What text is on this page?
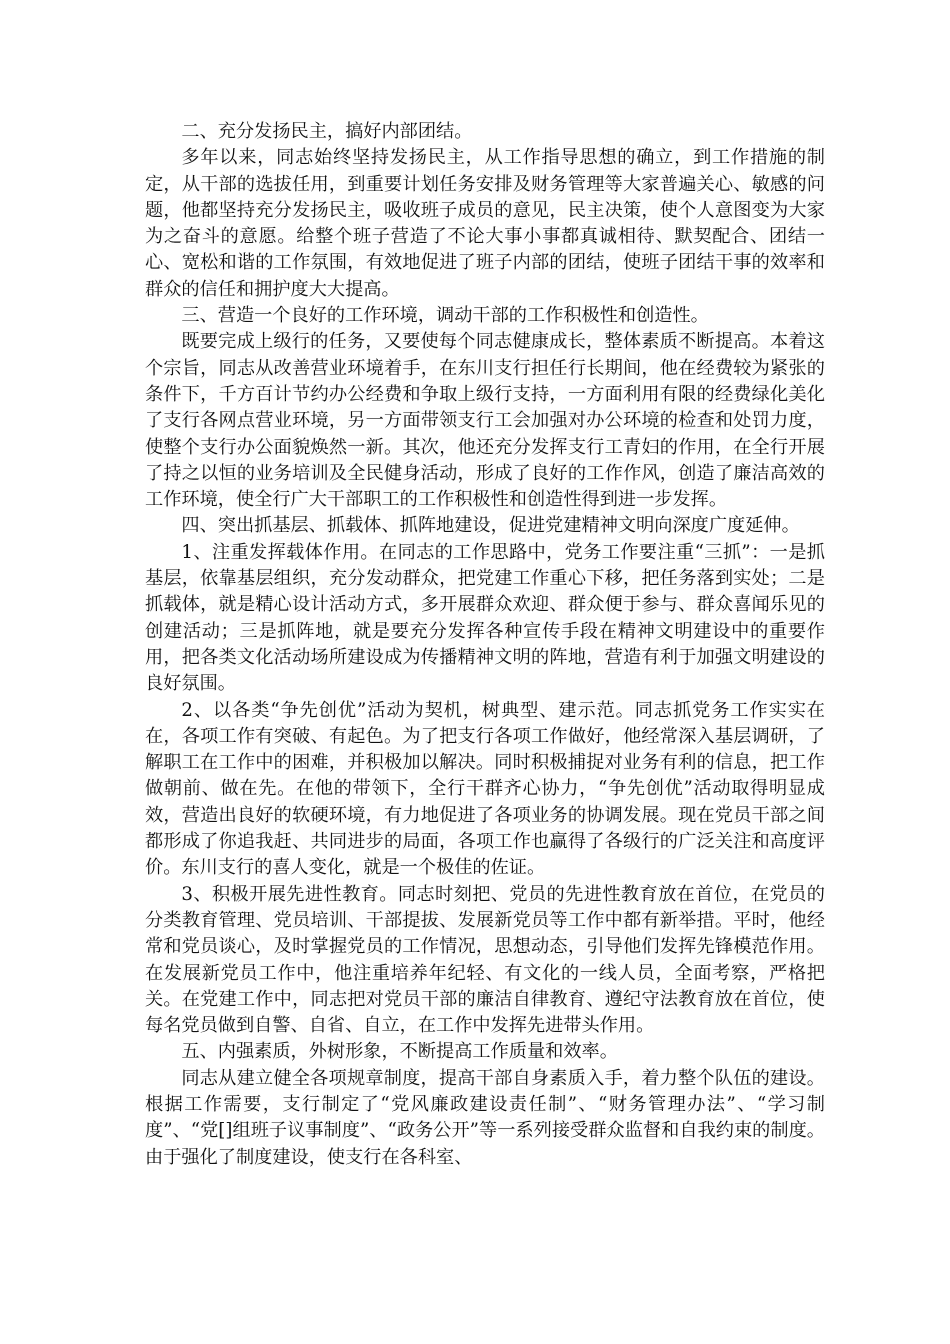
二、充分发扬民主，搞好内部团结。

多年以来，同志始终坚持发扬民主，从工作指导思想的确立，到工作措施的制定，从干部的选拔任用，到重要计划任务安排及财务管理等大家普遍关心、敏感的问题，他都坚持充分发扬民主，吸收班子成员的意见，民主决策，使个人意图变为大家为之奋斗的意愿。给整个班子营造了不论大事小事都真诚相待、默契配合、团结一心、宽松和谐的工作氛围，有效地促进了班子内部的团结，使班子团结干事的效率和群众的信任和拥护度大大提高。

三、营造一个良好的工作环境，调动干部的工作积极性和创造性。

既要完成上级行的任务，又要使每个同志健康成长，整体素质不断提高。本着这个宗旨，同志从改善营业环境着手，在东川支行担任行长期间，他在经费较为紧张的条件下，千方百计节约办公经费和争取上级行支持，一方面利用有限的经费绿化美化了支行各网点营业环境，另一方面带领支行工会加强对办公环境的检查和处罚力度，使整个支行办公面貌焕然一新。其次，他还充分发挥支行工青妇的作用，在全行开展了持之以恒的业务培训及全民健身活动，形成了良好的工作作风，创造了廉洁高效的工作环境，使全行广大干部职工的工作积极性和创造性得到进一步发挥。

四、突出抓基层、抓载体、抓阵地建设，促进党建精神文明向深度广度延伸。

1、注重发挥载体作用。在同志的工作思路中，党务工作要注重“三抓”：一是抓基层，依靠基层组织，充分发动群众，把党建工作重心下移，把任务落到实处；二是抓载体，就是精心设计活动方式，多开展群众欢迎、群众便于参与、群众喜闻乐见的创建活动；三是抓阵地，就是要充分发挥各种宣传手段在精神文明建设中的重要作用，把各类文化活动场所建设成为传播精神文明的阵地，营造有利于加强文明建设的良好氛围。

2、以各类“争先创优”活动为契机，树典型、建示范。同志抓党务工作实实在在，各项工作有突破、有起色。为了把支行各项工作做好，他经常深入基层调研，了解职工在工作中的困难，并积极加以解决。同时积极捕捉对业务有利的信息，把工作做朝前、做在先。在他的带领下，全行干群齐心协力，“争先创优”活动取得明显成效，营造出良好的软硬环境，有力地促进了各项业务的协调发展。现在党员干部之间都形成了你追我赶、共同进步的局面，各项工作也赢得了各级行的广泛关注和高度评价。东川支行的喜人变化，就是一个极佳的佐证。

3、积极开展先进性教育。同志时刻把、党员的先进性教育放在首位，在党员的分类教育管理、党员培训、干部提拔、发展新党员等工作中都有新举措。平时，他经常和党员谈心，及时掌握党员的工作情况，思想动态，引导他们发挥先锋模范作用。在发展新党员工作中，他注重培养年纪轻、有文化的一线人员，全面考察，严格把关。在党建工作中，同志把对党员干部的廉洁自律教育、遵纪守法教育放在首位，使每名党员做到自警、自省、自立，在工作中发挥先进带头作用。

五、内强素质，外树形象，不断提高工作质量和效率。

同志从建立健全各项规章制度，提高干部自身素质入手，着力整个队伍的建设。根据工作需要，支行制定了“党风廉政建设责任制”、“财务管理办法”、“学习制度”、“党[]组班子议事制度”、“政务公开”等一系列接受群众监督和自我约束的制度。由于强化了制度建设，使支行在各科室、
